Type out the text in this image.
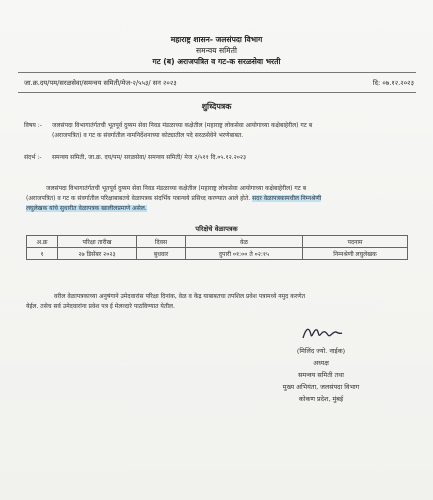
महाराष्ट्र शासन- जलसंपदा विभाग
समन्वय समिती
गट (ब) अराजपत्रित व गट-क सरळसेवा भरती
जा.क्र.दय/पम/सरळसेवा/समन्वय समिती/मेज-२/५५३/ सन २०२३	दि: ०७.१२.२०२३
शुध्दिपत्रक
विषय :- जलसंपदा विभागातंर्गतची भूतपूर्व दुय्यम सेवा निवड मंडळाच्या कक्षेतील (महाराष्ट्र लोकसेवा आयोगाच्या कक्षेबाहेरील) गट ब
(अराजपत्रित) व गट क संवर्गातील नामनिर्देशनाच्या कोट्यातील पदे सरळसेवेने भरणेबाबत.
संदर्भ :- समन्वय समिती, जा.क्र. दय/पम/ सरळसेवा/ समन्वय समिती/ मेज २/५११ दि.०५.१२.२०२३
जलसंपदा विभागातंर्गतची भूतपूर्व दुय्यम सेवा निवड मंडळाच्या कक्षेतील (महाराष्ट्र लोकसेवा आयोगाच्या कक्षेबाहेरील) गट ब
(अराजपत्रित) व गट क संवर्गातील परिक्षाबाबतचे वेळापत्रक संदर्भिय पत्रान्वये प्रसिध्द करण्यात आले होते. सदर वेळापत्रकामधील निम्नश्रेणी
लघुलेखक यांचे सुधारीत वेळापत्रक खालीलप्रमाणे असेल.
परिक्षेचे वेळापत्रक
अ.क्र	परिक्षा तारीख	दिवस	वेळ	पदनाम
१	२७ डिसेंबर २०२३	बुधवार	दुपारी ०१:०० ते ०२:१५	निम्नश्रेणी लघुलेखक
वरील वेळापत्रकाच्या अनुषंगाने उमेदवारांस परिक्षा दिनांक, वेळ व केंद्र याबाबतचा तपशिल प्रवेश पत्रामध्ये नमुद करणेत
येईल. तसेच सर्व उमेदवारांना प्रवेश पत्र ई मेलव्दारे पाठविण्यात येतील.
(मिलिंद ज्यो. नाईक)
अध्यक्ष
समन्वय समिती तथा
मुख्य अभियंता, जलसंपदा विभाग
कोकण प्रदेश, मुंबई
